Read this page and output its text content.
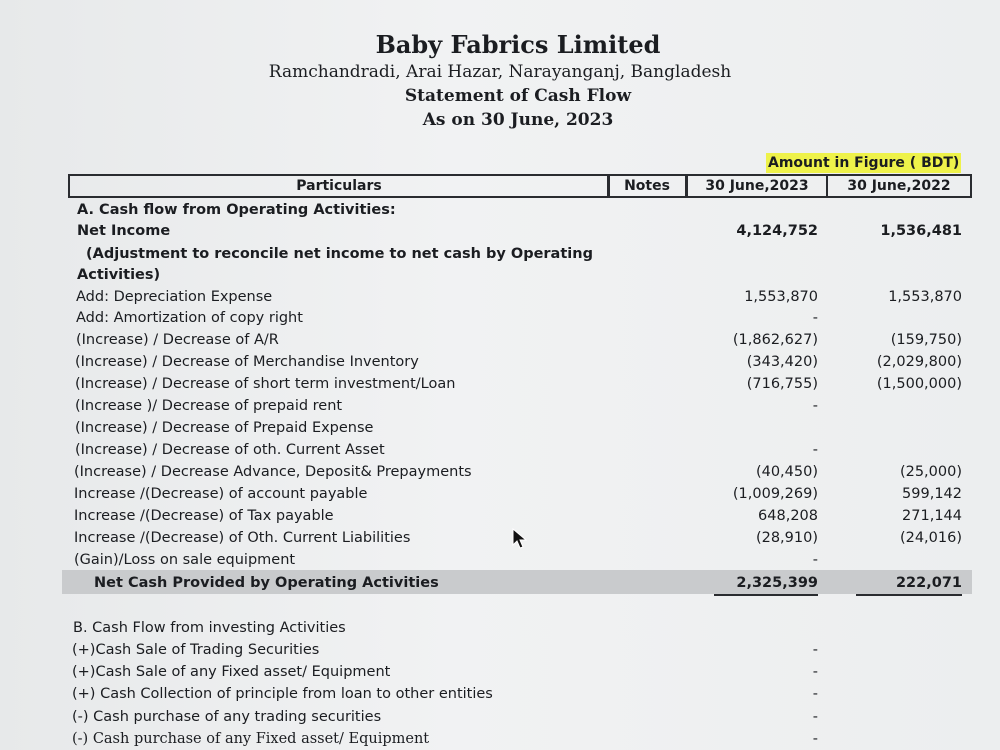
Baby Fabrics Limited
Ramchandradi, Arai Hazar, Narayanganj, Bangladesh
Statement of Cash Flow
As on 30 June, 2023
Amount in Figure ( BDT)
Particulars	Notes	30 June,2023	30 June,2022
A. Cash flow from Operating Activities:
Net Income	4,124,752	1,536,481
(Adjustment to reconcile net income to net cash by Operating
Activities)
Add: Depreciation Expense	1,553,870	1,553,870
Add: Amortization of copy right	-
(Increase) / Decrease of A/R	(1,862,627)	(159,750)
(Increase) / Decrease of Merchandise Inventory	(343,420)	(2,029,800)
(Increase) / Decrease of short term investment/Loan	(716,755)	(1,500,000)
(Increase )/ Decrease of prepaid rent	-
(Increase) / Decrease of Prepaid Expense
(Increase) / Decrease of oth. Current Asset	-
(Increase) / Decrease Advance, Deposit& Prepayments	(40,450)	(25,000)
Increase /(Decrease) of account payable	(1,009,269)	599,142
Increase /(Decrease) of Tax payable	648,208	271,144
Increase /(Decrease) of Oth. Current Liabilities	(28,910)	(24,016)
(Gain)/Loss on sale equipment	-
Net Cash Provided by Operating Activities	2,325,399	222,071
B. Cash Flow from investing Activities
(+)Cash Sale of Trading Securities	-
(+)Cash Sale of any Fixed asset/ Equipment	-
(+) Cash Collection of principle from loan to other entities	-
(-) Cash purchase of any trading securities	-
(-) Cash purchase of any Fixed asset/ Equipment	-
